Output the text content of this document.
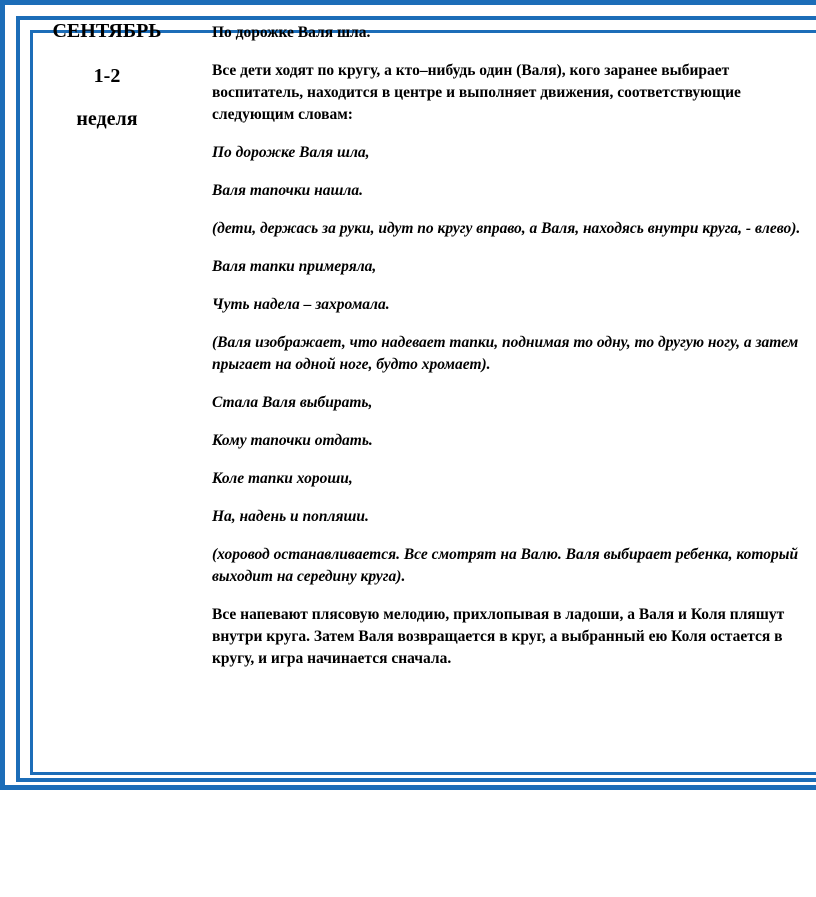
СЕНТЯБРЬ
1-2
неделя

По дорожке Валя шла.

Все дети ходят по кругу, а кто–нибудь один (Валя), кого заранее выбирает воспитатель, находится в центре и выполняет движения, соответствующие следующим словам:

По дорожке Валя шла,

Валя тапочки нашла.

(дети, держась за руки, идут по кругу вправо, а Валя, находясь внутри круга, - влево).

Валя тапки примеряла,

Чуть надела – захромала.

(Валя изображает, что надевает тапки, поднимая то одну, то другую ногу, а затем прыгает на одной ноге, будто хромает).

Стала Валя выбирать,

Кому тапочки отдать.

Коле тапки хороши,

На, надень и попляши.

(хоровод останавливается. Все смотрят на Валю. Валя выбирает ребенка, который выходит на середину круга).

Все напевают плясовую мелодию, прихлопывая в ладоши, а Валя и Коля пляшут внутри круга. Затем Валя возвращается в круг, а выбранный ею Коля остается в кругу, и игра начинается сначала.
